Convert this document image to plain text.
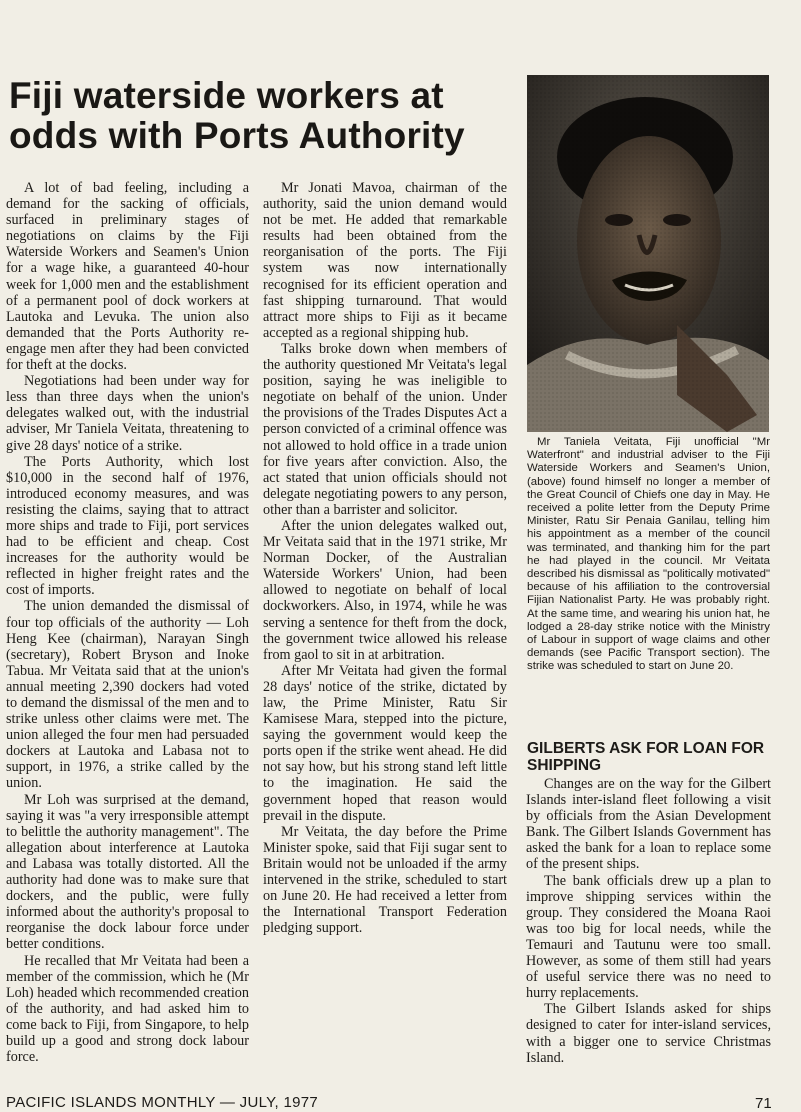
Fiji waterside workers at odds with Ports Authority

A lot of bad feeling, including a demand for the sacking of officials, surfaced in preliminary stages of negotiations on claims by the Fiji Waterside Workers and Seamen's Union for a wage hike, a guaranteed 40-hour week for 1,000 men and the establishment of a permanent pool of dock workers at Lautoka and Levuka. The union also demanded that the Ports Authority re-engage men after they had been convicted for theft at the docks.

Negotiations had been under way for less than three days when the union's delegates walked out, with the industrial adviser, Mr Taniela Veitata, threatening to give 28 days' notice of a strike.

The Ports Authority, which lost $10,000 in the second half of 1976, introduced economy measures, and was resisting the claims, saying that to attract more ships and trade to Fiji, port services had to be efficient and cheap. Cost increases for the authority would be reflected in higher freight rates and the cost of imports.

The union demanded the dismissal of four top officials of the authority — Loh Heng Kee (chairman), Narayan Singh (secretary), Robert Bryson and Inoke Tabua. Mr Veitata said that at the union's annual meeting 2,390 dockers had voted to demand the dismissal of the men and to strike unless other claims were met. The union alleged the four men had persuaded dockers at Lautoka and Labasa not to support, in 1976, a strike called by the union.

Mr Loh was surprised at the demand, saying it was "a very irresponsible attempt to belittle the authority management". The allegation about interference at Lautoka and Labasa was totally distorted. All the authority had done was to make sure that dockers, and the public, were fully informed about the authority's proposal to reorganise the dock labour force under better conditions.

He recalled that Mr Veitata had been a member of the commission, which he (Mr Loh) headed which recommended creation of the authority, and had asked him to come back to Fiji, from Singapore, to help build up a good and strong dock labour force.

Mr Jonati Mavoa, chairman of the authority, said the union demand would not be met. He added that remarkable results had been obtained from the reorganisation of the ports. The Fiji system was now internationally recognised for its efficient operation and fast shipping turnaround. That would attract more ships to Fiji as it became accepted as a regional shipping hub.

Talks broke down when members of the authority questioned Mr Veitata's legal position, saying he was ineligible to negotiate on behalf of the union. Under the provisions of the Trades Disputes Act a person convicted of a criminal offence was not allowed to hold office in a trade union for five years after conviction. Also, the act stated that union officials should not delegate negotiating powers to any person, other than a barrister and solicitor.

After the union delegates walked out, Mr Veitata said that in the 1971 strike, Mr Norman Docker, of the Australian Waterside Workers' Union, had been allowed to negotiate on behalf of local dockworkers. Also, in 1974, while he was serving a sentence for theft from the dock, the government twice allowed his release from gaol to sit in at arbitration.

After Mr Veitata had given the formal 28 days' notice of the strike, dictated by law, the Prime Minister, Ratu Sir Kamisese Mara, stepped into the picture, saying the government would keep the ports open if the strike went ahead. He did not say how, but his strong stand left little to the imagination. He said the government hoped that reason would prevail in the dispute.

Mr Veitata, the day before the Prime Minister spoke, said that Fiji sugar sent to Britain would not be unloaded if the army intervened in the strike, scheduled to start on June 20. He had received a letter from the International Transport Federation pledging support.

Mr Taniela Veitata, Fiji unofficial "Mr Waterfront" and industrial adviser to the Fiji Waterside Workers and Seamen's Union, (above) found himself no longer a member of the Great Council of Chiefs one day in May. He received a polite letter from the Deputy Prime Minister, Ratu Sir Penaia Ganilau, telling him his appointment as a member of the council was terminated, and thanking him for the part he had played in the council. Mr Veitata described his dismissal as "politically motivated" because of his affiliation to the controversial Fijian Nationalist Party. He was probably right. At the same time, and wearing his union hat, he lodged a 28-day strike notice with the Ministry of Labour in support of wage claims and other demands (see Pacific Transport section). The strike was scheduled to start on June 20.

GILBERTS ASK FOR LOAN FOR SHIPPING

Changes are on the way for the Gilbert Islands inter-island fleet following a visit by officials from the Asian Development Bank. The Gilbert Islands Government has asked the bank for a loan to replace some of the present ships.

The bank officials drew up a plan to improve shipping services within the group. They considered the Moana Raoi was too big for local needs, while the Temauri and Tautunu were too small. However, as some of them still had years of useful service there was no need to hurry replacements.

The Gilbert Islands asked for ships designed to cater for inter-island services, with a bigger one to service Christmas Island.

PACIFIC ISLANDS MONTHLY — JULY, 1977	71
